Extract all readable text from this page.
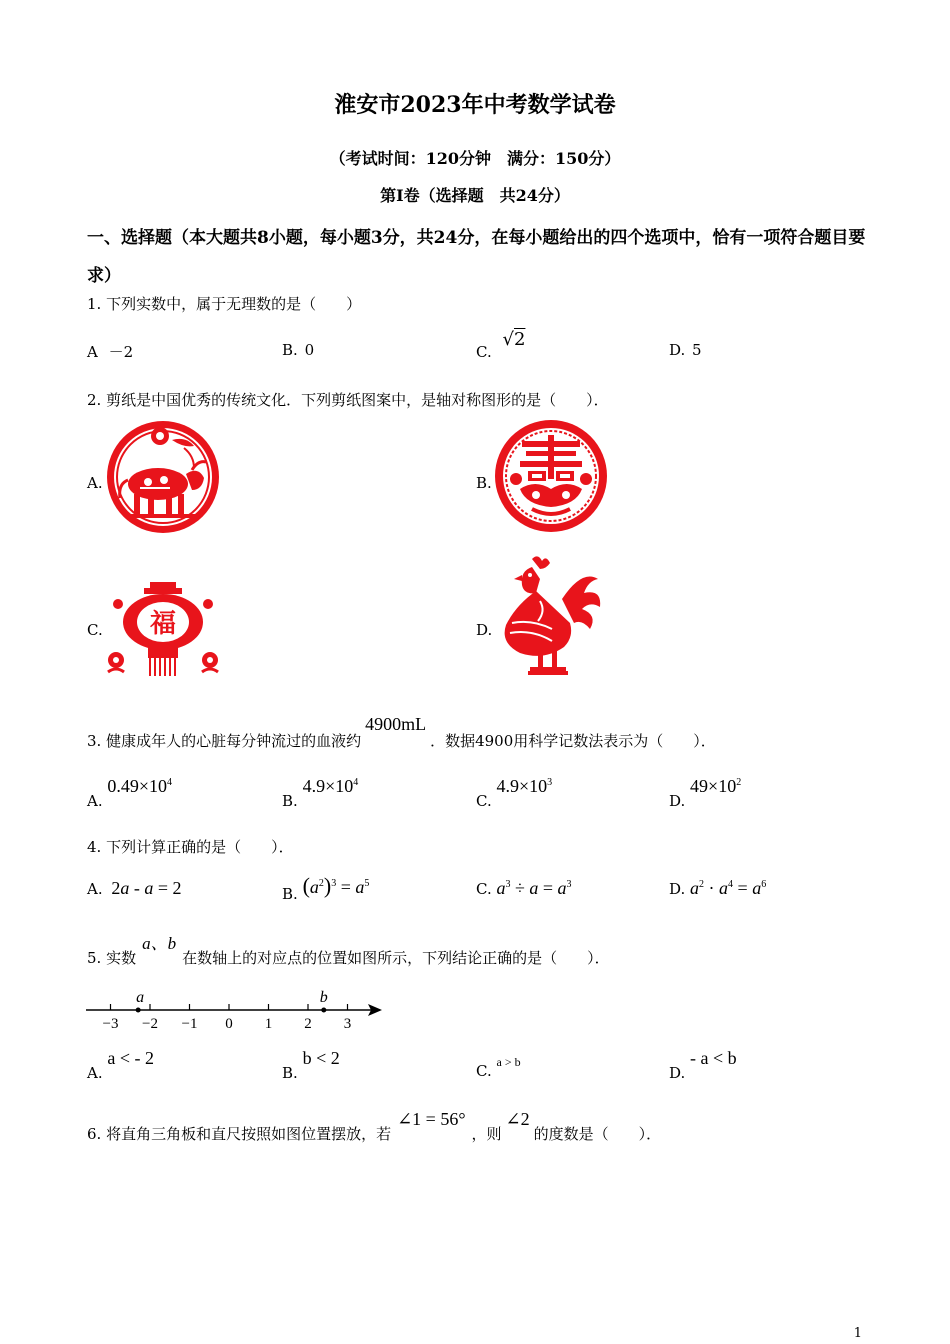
淮安市2023年中考数学试卷
（考试时间：120分钟　满分：150分）
第Ⅰ卷（选择题　共24分）
一、选择题（本大题共8小题，每小题3分，共24分，在每小题给出的四个选项中，恰有一项符合题目要求）
1. 下列实数中，属于无理数的是（　　）
A －2	B. 0	C. √2	D. 5
2. 剪纸是中国优秀的传统文化．下列剪纸图案中，是轴对称图形的是（　　）．
A.	B.
C. 福	D.
3. 健康成年人的心脏每分钟流过的血液约4900mL．数据4900用科学记数法表示为（　　）．
A. $0.49\times 10^4$
B. $4.9\times 10^4$
C. $4.9\times 10^3$
D. $49\times 10^2$
4. 下列计算正确的是（　　）．
A. 2a - a = 2	B. $(a^2)^3 = a^5$	C. $a^3 \div a = a^3$	D. $a^2 \cdot a^4 = a^6$
5. 实数a、b在数轴上的对应点的位置如图所示，下列结论正确的是（　　）．
−3 −2 −1 0 1 2 3
a	b
A. a < - 2
B. b < 2
C. a > b
D. - a < b
6. 将直角三角板和直尺按照如图位置摆放，若∠1 = 56°，则∠2的度数是（　　）．
1
